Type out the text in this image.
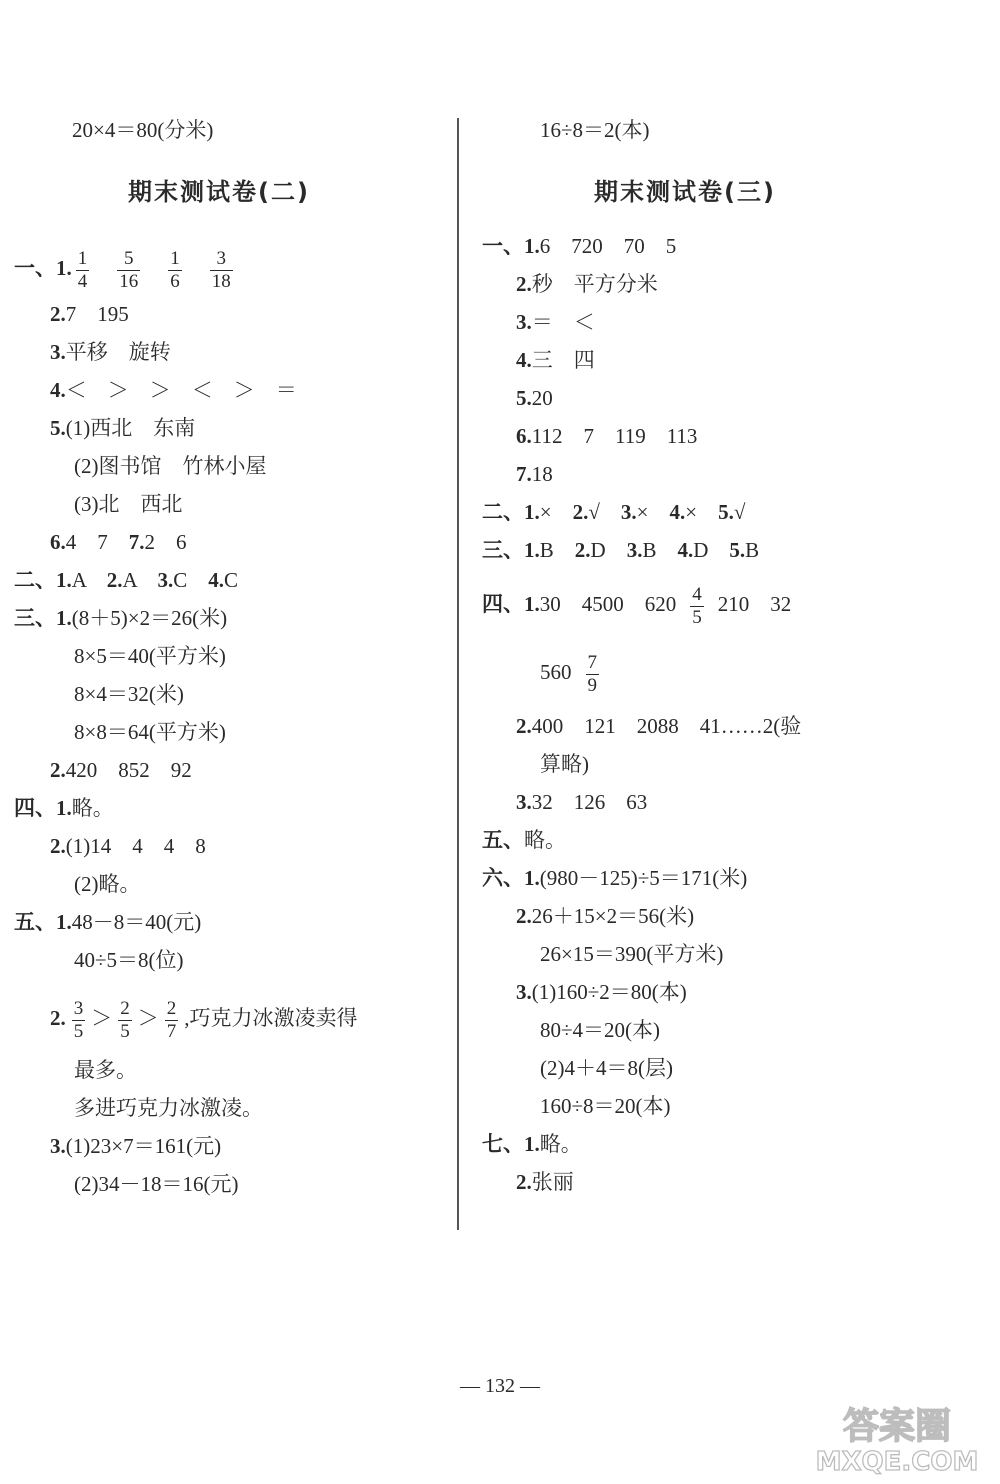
20×4＝80(分米)
期末测试卷(二)
一、1. $\frac{1}{4} \frac{5}{16} \frac{1}{6} \frac{3}{18}$
2.7　195
3.平移　旋转
4.＜　＞　＞　＜　＞　＝
5.(1)西北　东南
(2)图书馆　竹林小屋
(3)北　西北
6.4　7　7.2　6
二、1.A　2.A　3.C　4.C
三、1.(8＋5)×2＝26(米)
8×5＝40(平方米)
8×4＝32(米)
8×8＝64(平方米)
2.420　852　92
四、1.略。
2.(1)14　4　4　8
(2)略。
五、1.48－8＝40(元)
40÷5＝8(位)
2. $\frac{3}{5} > \frac{2}{5} > \frac{2}{7}$ ,巧克力冰激凌卖得
最多。
多进巧克力冰激凌。
3.(1)23×7＝161(元)
(2)34－18＝16(元)
16÷8＝2(本)
期末测试卷(三)
一、1.6　720　70　5
2.秒　平方分米
3.＝　＜
4.三　四
5.20
6.112　7　119　113
7.18
二、1.×　2.√　3.×　4.×　5.√
三、1.B　2.D　3.B　4.D　5.B
四、1.30　4500　$620 \frac{4}{5} 210$　32
$560 \frac{7}{9}$
2.400　121　2088　41……2(验
算略)
3.32　126　63
五、略。
六、1.(980－125)÷5＝171(米)
2.26＋15×2＝56(米)
26×15＝390(平方米)
3.(1)160÷2＝80(本)
80÷4＝20(本)
(2)4＋4＝8(层)
160÷8＝20(本)
七、1.略。
2.张丽
— 132 —
答案圈
MXQE.COM
